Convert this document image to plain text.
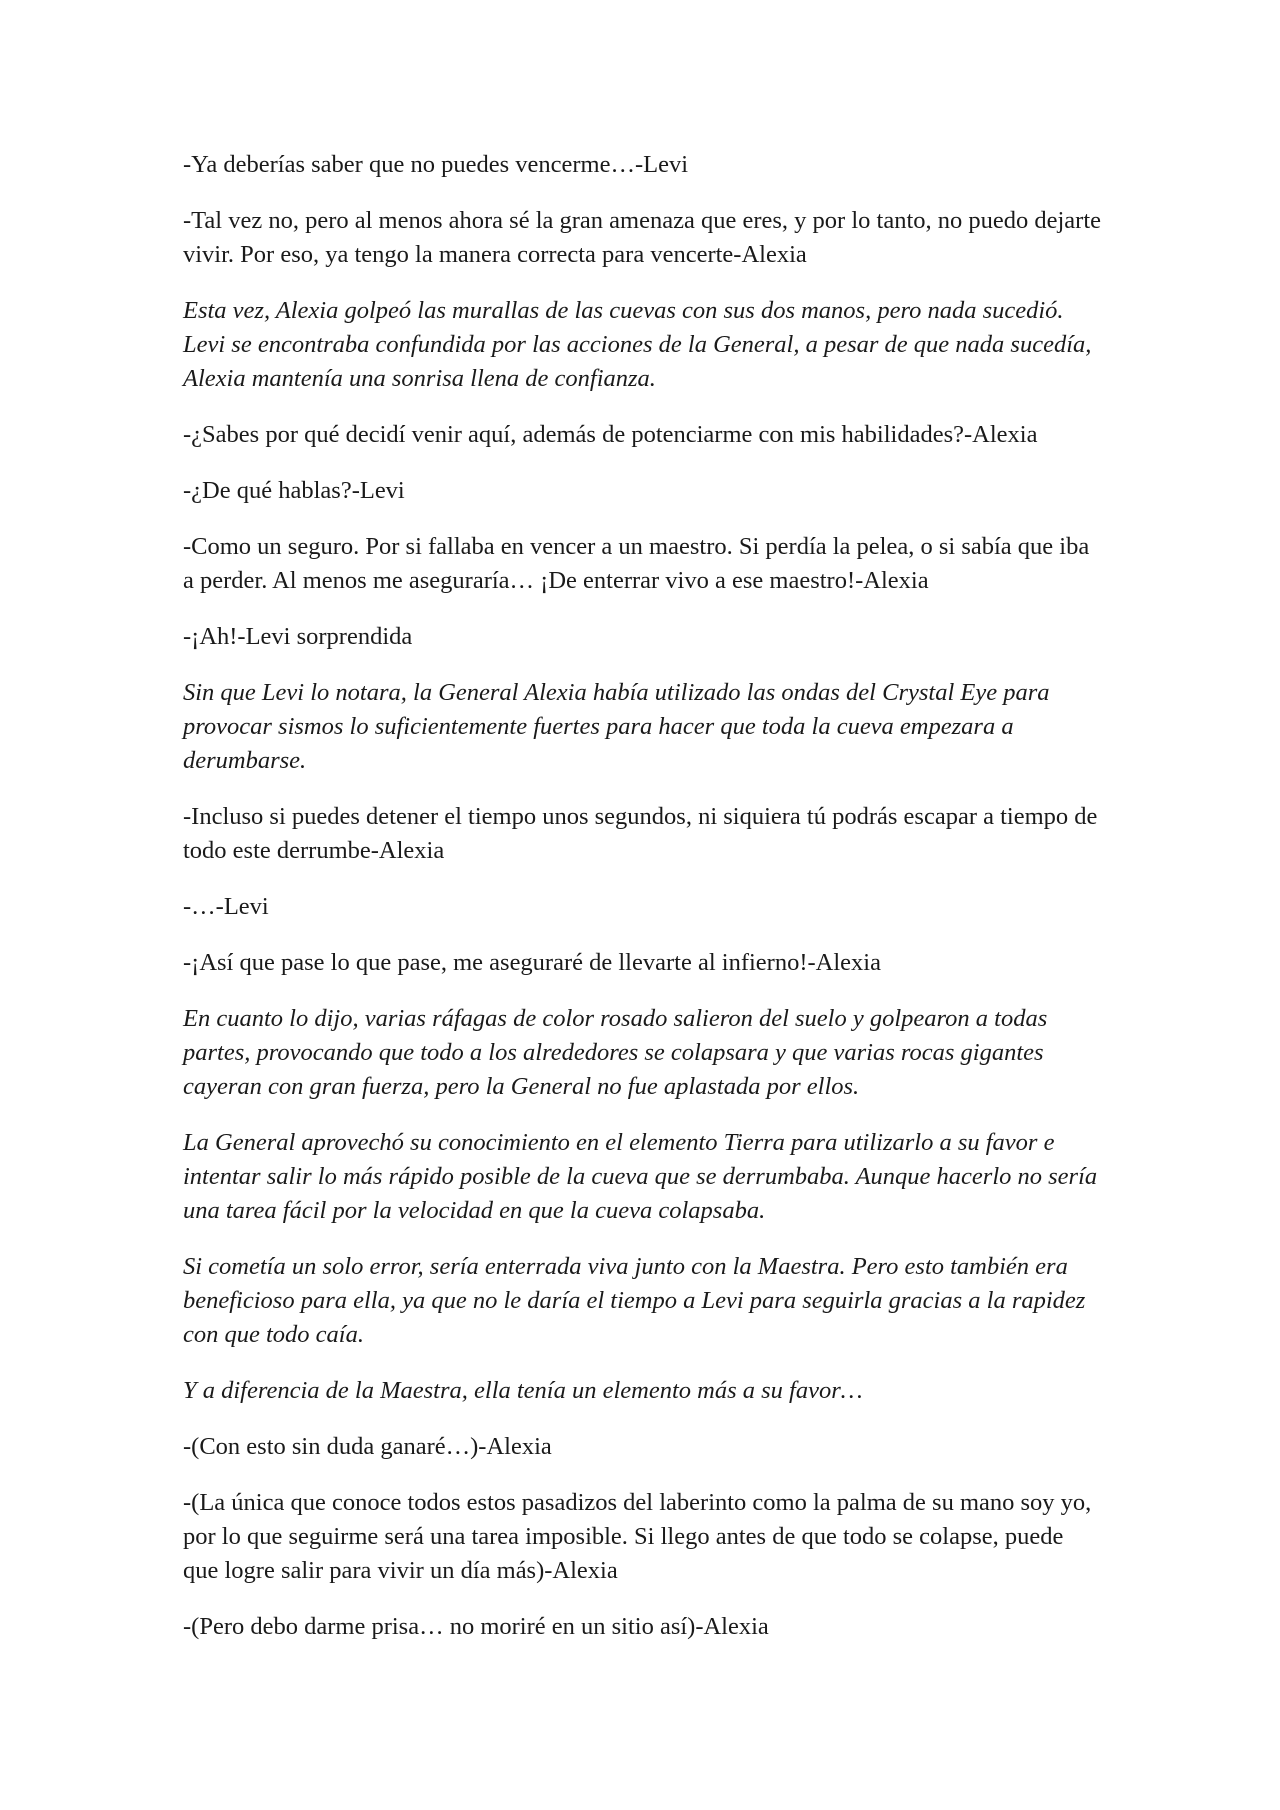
-Ya deberías saber que no puedes vencerme…-Levi

-Tal vez no, pero al menos ahora sé la gran amenaza que eres, y por lo tanto, no puedo dejarte vivir. Por eso, ya tengo la manera correcta para vencerte-Alexia

Esta vez, Alexia golpeó las murallas de las cuevas con sus dos manos, pero nada sucedió. Levi se encontraba confundida por las acciones de la General, a pesar de que nada sucedía, Alexia mantenía una sonrisa llena de confianza.

-¿Sabes por qué decidí venir aquí, además de potenciarme con mis habilidades?-Alexia

-¿De qué hablas?-Levi

-Como un seguro. Por si fallaba en vencer a un maestro. Si perdía la pelea, o si sabía que iba a perder. Al menos me aseguraría… ¡De enterrar vivo a ese maestro!-Alexia

-¡Ah!-Levi sorprendida

Sin que Levi lo notara, la General Alexia había utilizado las ondas del Crystal Eye para provocar sismos lo suficientemente fuertes para hacer que toda la cueva empezara a derumbarse.

-Incluso si puedes detener el tiempo unos segundos, ni siquiera tú podrás escapar a tiempo de todo este derrumbe-Alexia

-…-Levi

-¡Así que pase lo que pase, me aseguraré de llevarte al infierno!-Alexia

En cuanto lo dijo, varias ráfagas de color rosado salieron del suelo y golpearon a todas partes, provocando que todo a los alrededores se colapsara y que varias rocas gigantes cayeran con gran fuerza, pero la General no fue aplastada por ellos.

La General aprovechó su conocimiento en el elemento Tierra para utilizarlo a su favor e intentar salir lo más rápido posible de la cueva que se derrumbaba. Aunque hacerlo no sería una tarea fácil por la velocidad en que la cueva colapsaba.

Si cometía un solo error, sería enterrada viva junto con la Maestra. Pero esto también era beneficioso para ella, ya que no le daría el tiempo a Levi para seguirla gracias a la rapidez con que todo caía.

Y a diferencia de la Maestra, ella tenía un elemento más a su favor…

-(Con esto sin duda ganaré…)-Alexia

-(La única que conoce todos estos pasadizos del laberinto como la palma de su mano soy yo, por lo que seguirme será una tarea imposible. Si llego antes de que todo se colapse, puede que logre salir para vivir un día más)-Alexia

-(Pero debo darme prisa… no moriré en un sitio así)-Alexia
